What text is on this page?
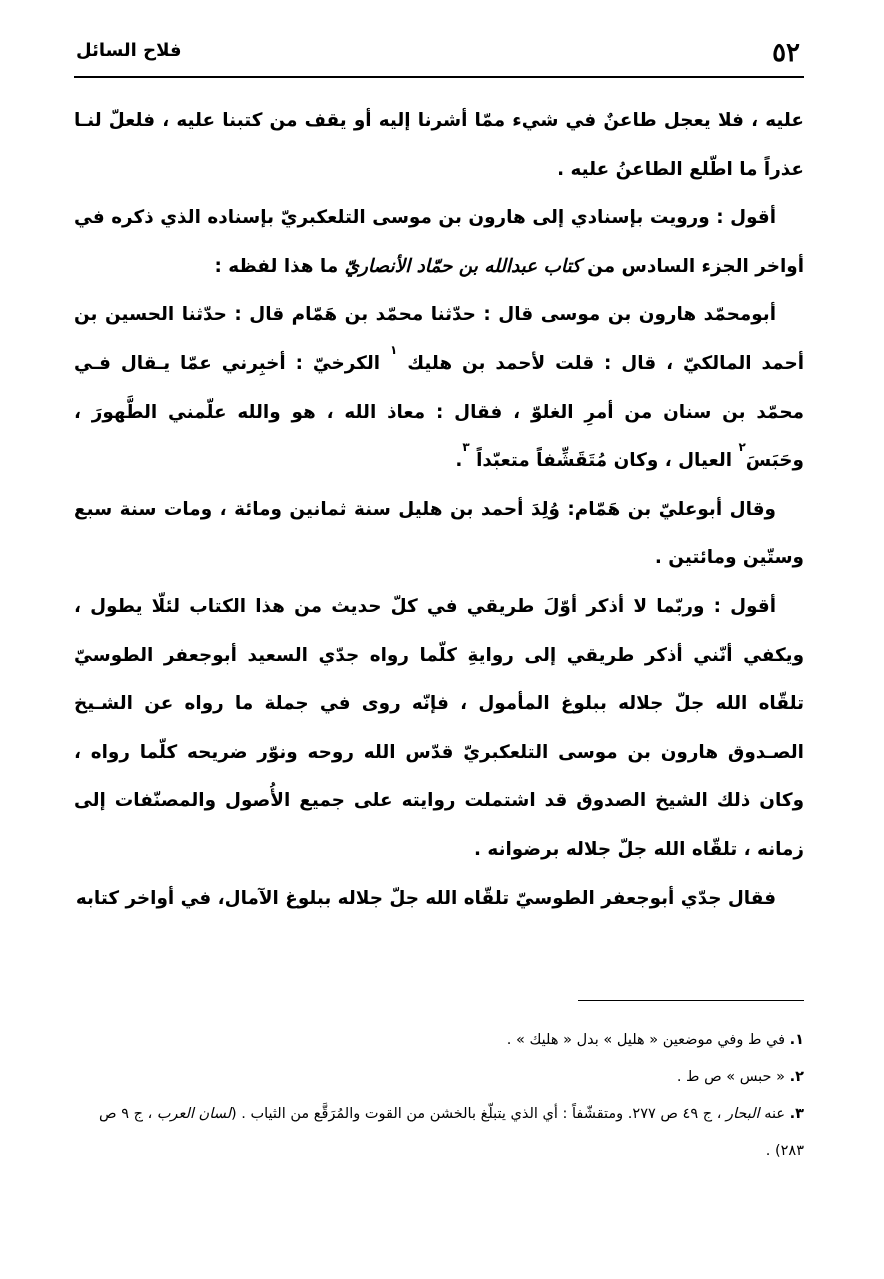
٥٢
فلاح السائل

عليه ، فلا يعجل طاعنٌ في شيء ممّا أشرنا إليه أو يقف من كتبنا عليه ، فلعلّ لنـا عذراً ما اطّلع الطاعنُ عليه .

أقول : ورويت بإسنادي إلى هارون بن موسى التلعكبريّ‏ بإسناده الذي ذكره في أواخر الجزء السادس من كتاب عبدالله بن حمّاد الأنصاريّ ما هذا لفظه :

أبومحمّد هارون بن موسى قال : حدّثنا محمّد بن هَمّام قال : حدّثنا الحسين بن أحمد المالكيّ ، قال : قلت لأحمد بن هليك $^١$ الكرخيّ : أخبِرني عمّا يـقال فـي محمّد بن سنان من أمرِ الغلوّ ، فقال : معاذ الله ، هو والله علّمني الطَّهورَ ، وحَبَسَ$^٢$ العيال ، وكان مُتَقَشِّفاً متعبّداً $^٣$.

وقال أبوعليّ بن هَمّام: وُلِدَ أحمد بن هليل سنة ثمانين ومائة ، ومات سنة سبع وستّين ومائتين .

أقول : وربّما لا أذكر أوّلَ طريقي في كلّ حديث من هذا الكتاب لئلّا يطول ، ويكفي أنّني أذكر طريقي إلى روايةِ كلّما رواه جدّي السعيد أبوجعفر الطوسيّ تلقّاه الله جلّ جلاله ببلوغ المأمول ، فإنّه روى في جملة ما رواه عن الشـيخ الصـدوق هارون بن موسى التلعكبريّ قدّس الله روحه ونوّر ضريحه كلّما رواه ، وكان ذلك الشيخ الصدوق قد اشتملت روايته على جميع الأُصول والمصنّفات إلى زمانه ، تلقّاه الله جلّ جلاله برضوانه .

فقال جدّي أبوجعفر الطوسيّ تلقّاه الله جلّ جلاله ببلوغ الآمال، في أواخر كتابه

١. في ط وفي موضعين « هليل » بدل « هليك » .

٢. « حبس » ص ط .

٣. عنه البحار ، ج ٤٩ ص ٢٧٧. ومتقشّفاً : أي الذي يتبلّغ بالخشن من القوت والمُرَقَّع من الثياب . (لسان العرب ، ج ٩ ص ٢٨٣) .
